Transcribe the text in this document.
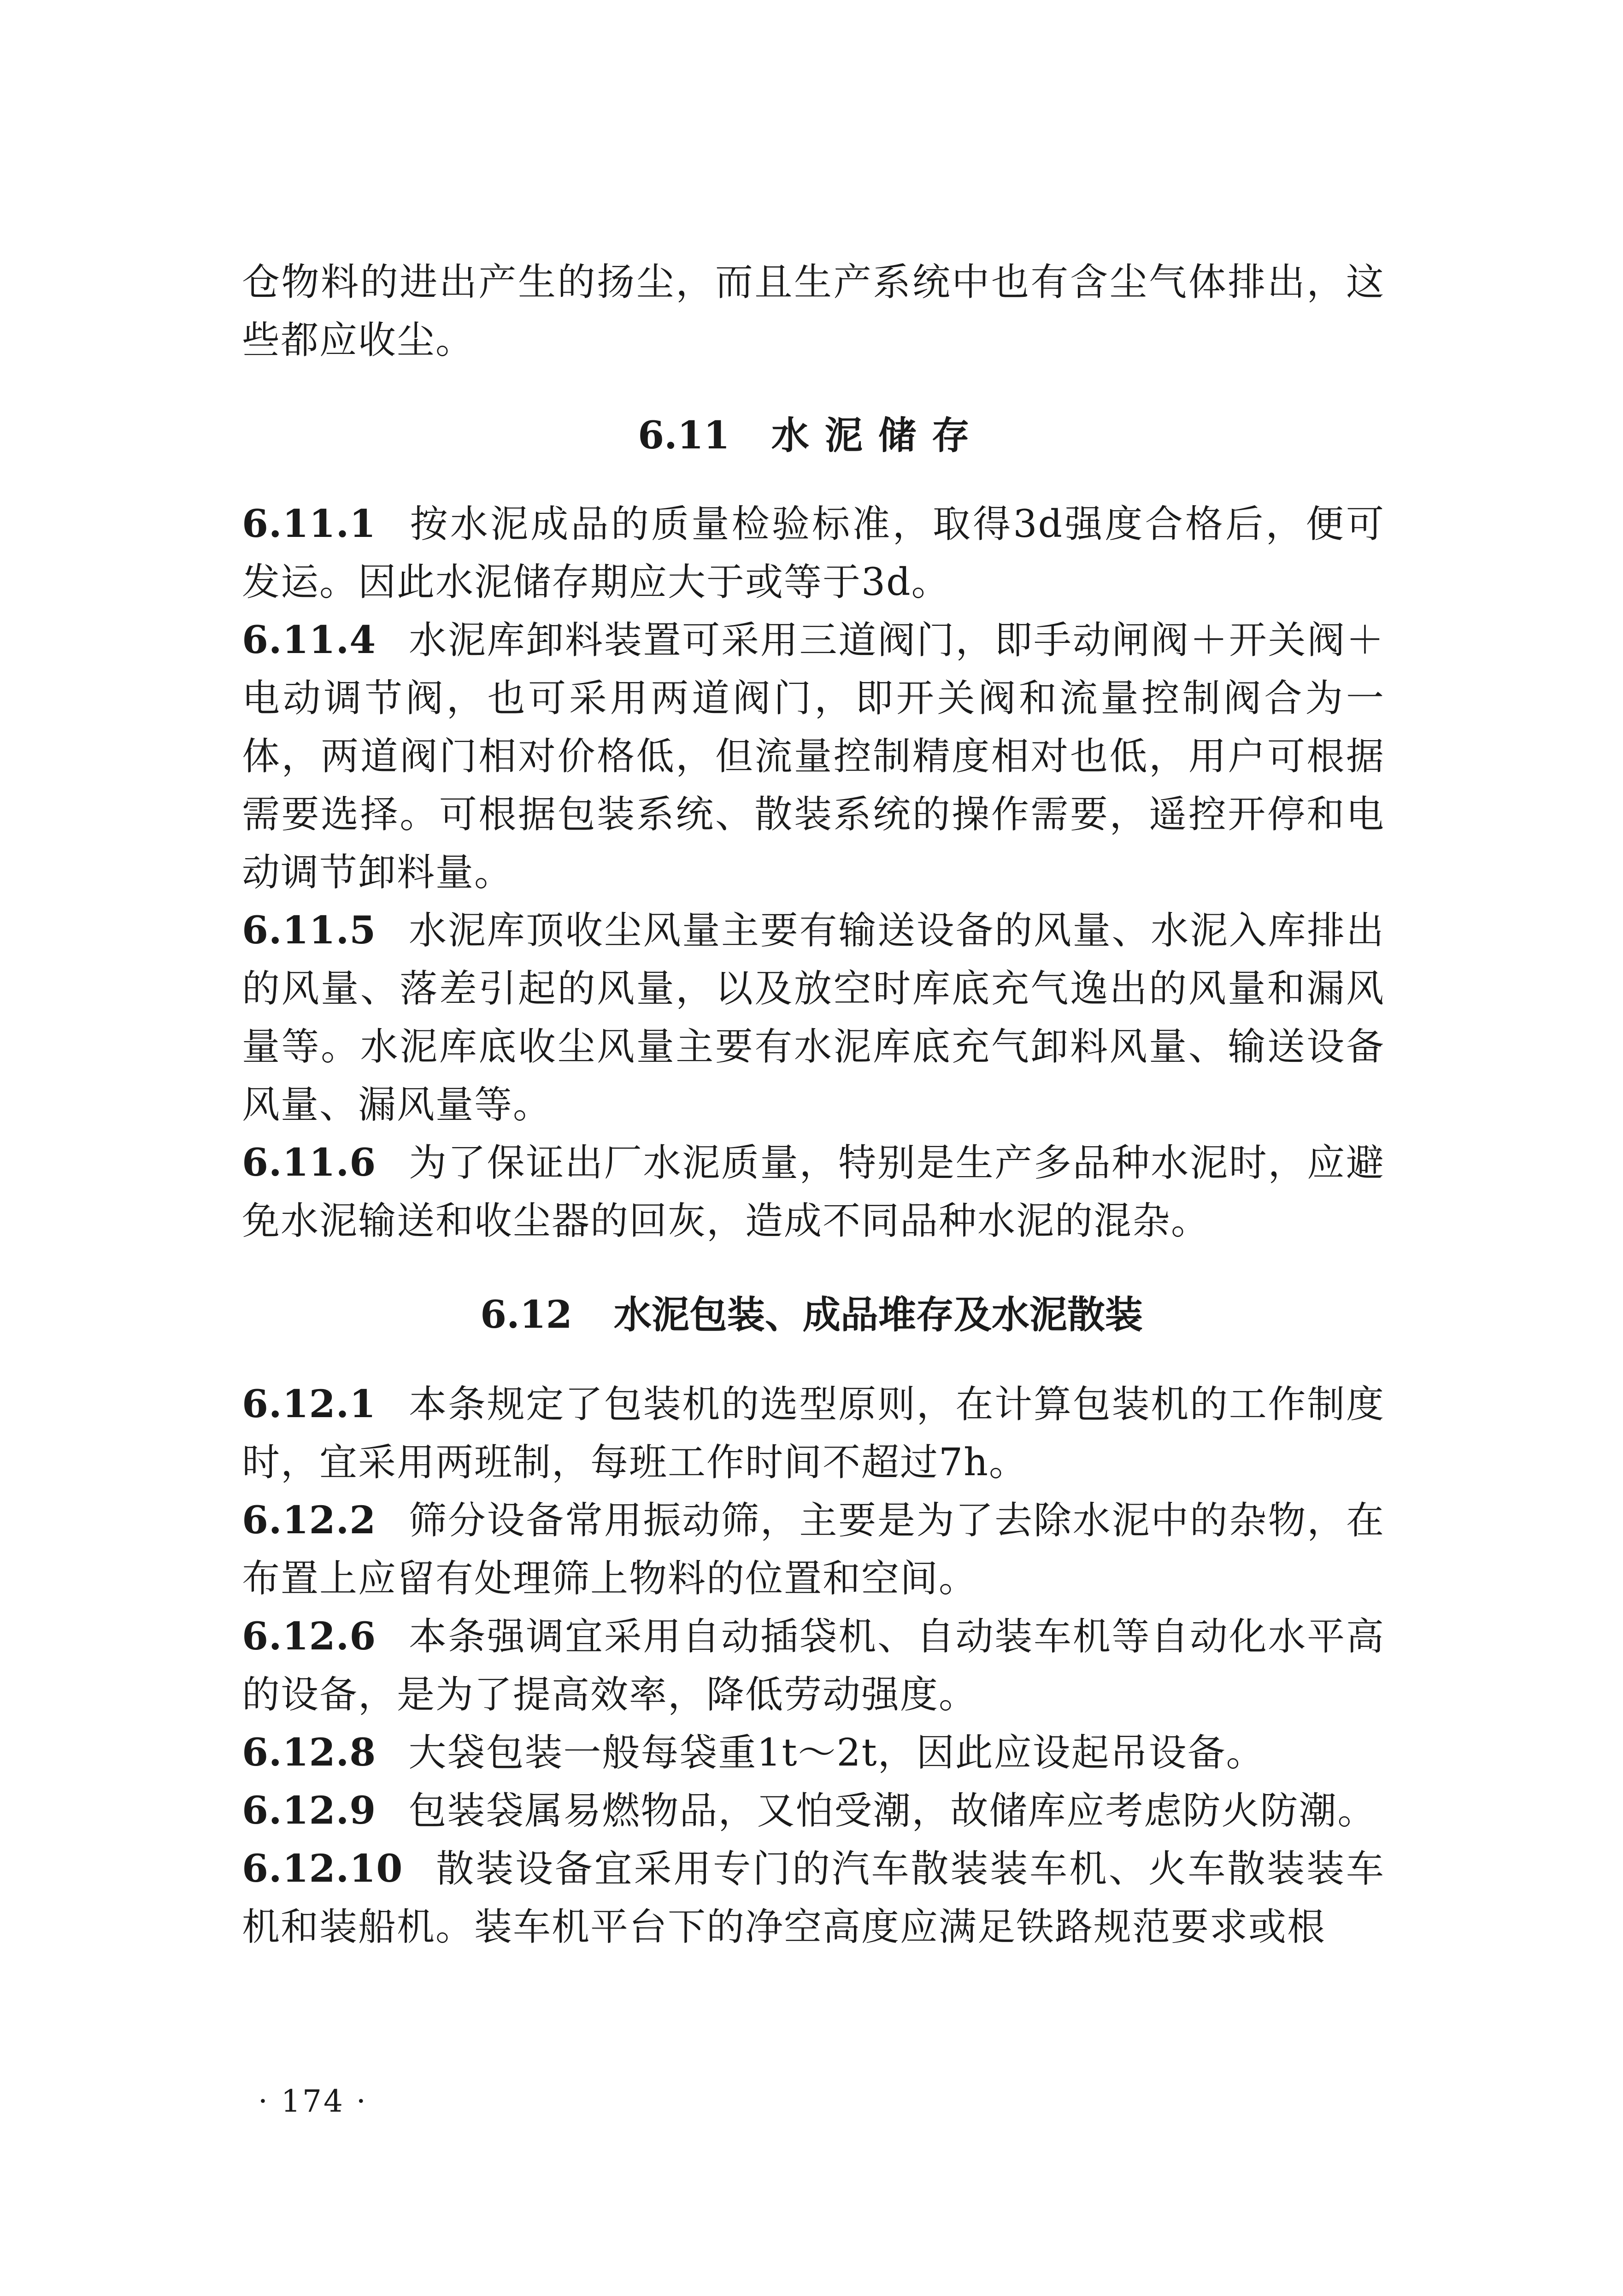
仓物料的进出产生的扬尘，而且生产系统中也有含尘气体排出，这些都应收尘。

6.11 水泥储存

6.11.1 按水泥成品的质量检验标准，取得3d强度合格后，便可发运。因此水泥储存期应大于或等于3d。

6.11.4 水泥库卸料装置可采用三道阀门，即手动闸阀＋开关阀＋电动调节阀，也可采用两道阀门，即开关阀和流量控制阀合为一体，两道阀门相对价格低，但流量控制精度相对也低，用户可根据需要选择。可根据包装系统、散装系统的操作需要，遥控开停和电动调节卸料量。

6.11.5 水泥库顶收尘风量主要有输送设备的风量、水泥入库排出的风量、落差引起的风量，以及放空时库底充气逸出的风量和漏风量等。水泥库底收尘风量主要有水泥库底充气卸料风量、输送设备风量、漏风量等。

6.11.6 为了保证出厂水泥质量，特别是生产多品种水泥时，应避免水泥输送和收尘器的回灰，造成不同品种水泥的混杂。

6.12 水泥包装、成品堆存及水泥散装

6.12.1 本条规定了包装机的选型原则，在计算包装机的工作制度时，宜采用两班制，每班工作时间不超过7h。

6.12.2 筛分设备常用振动筛，主要是为了去除水泥中的杂物，在布置上应留有处理筛上物料的位置和空间。

6.12.6 本条强调宜采用自动插袋机、自动装车机等自动化水平高的设备，是为了提高效率，降低劳动强度。

6.12.8 大袋包装一般每袋重1t～2t，因此应设起吊设备。

6.12.9 包装袋属易燃物品，又怕受潮，故储库应考虑防火防潮。

6.12.10 散装设备宜采用专门的汽车散装装车机、火车散装装车机和装船机。装车机平台下的净空高度应满足铁路规范要求或根

· 174 ·
